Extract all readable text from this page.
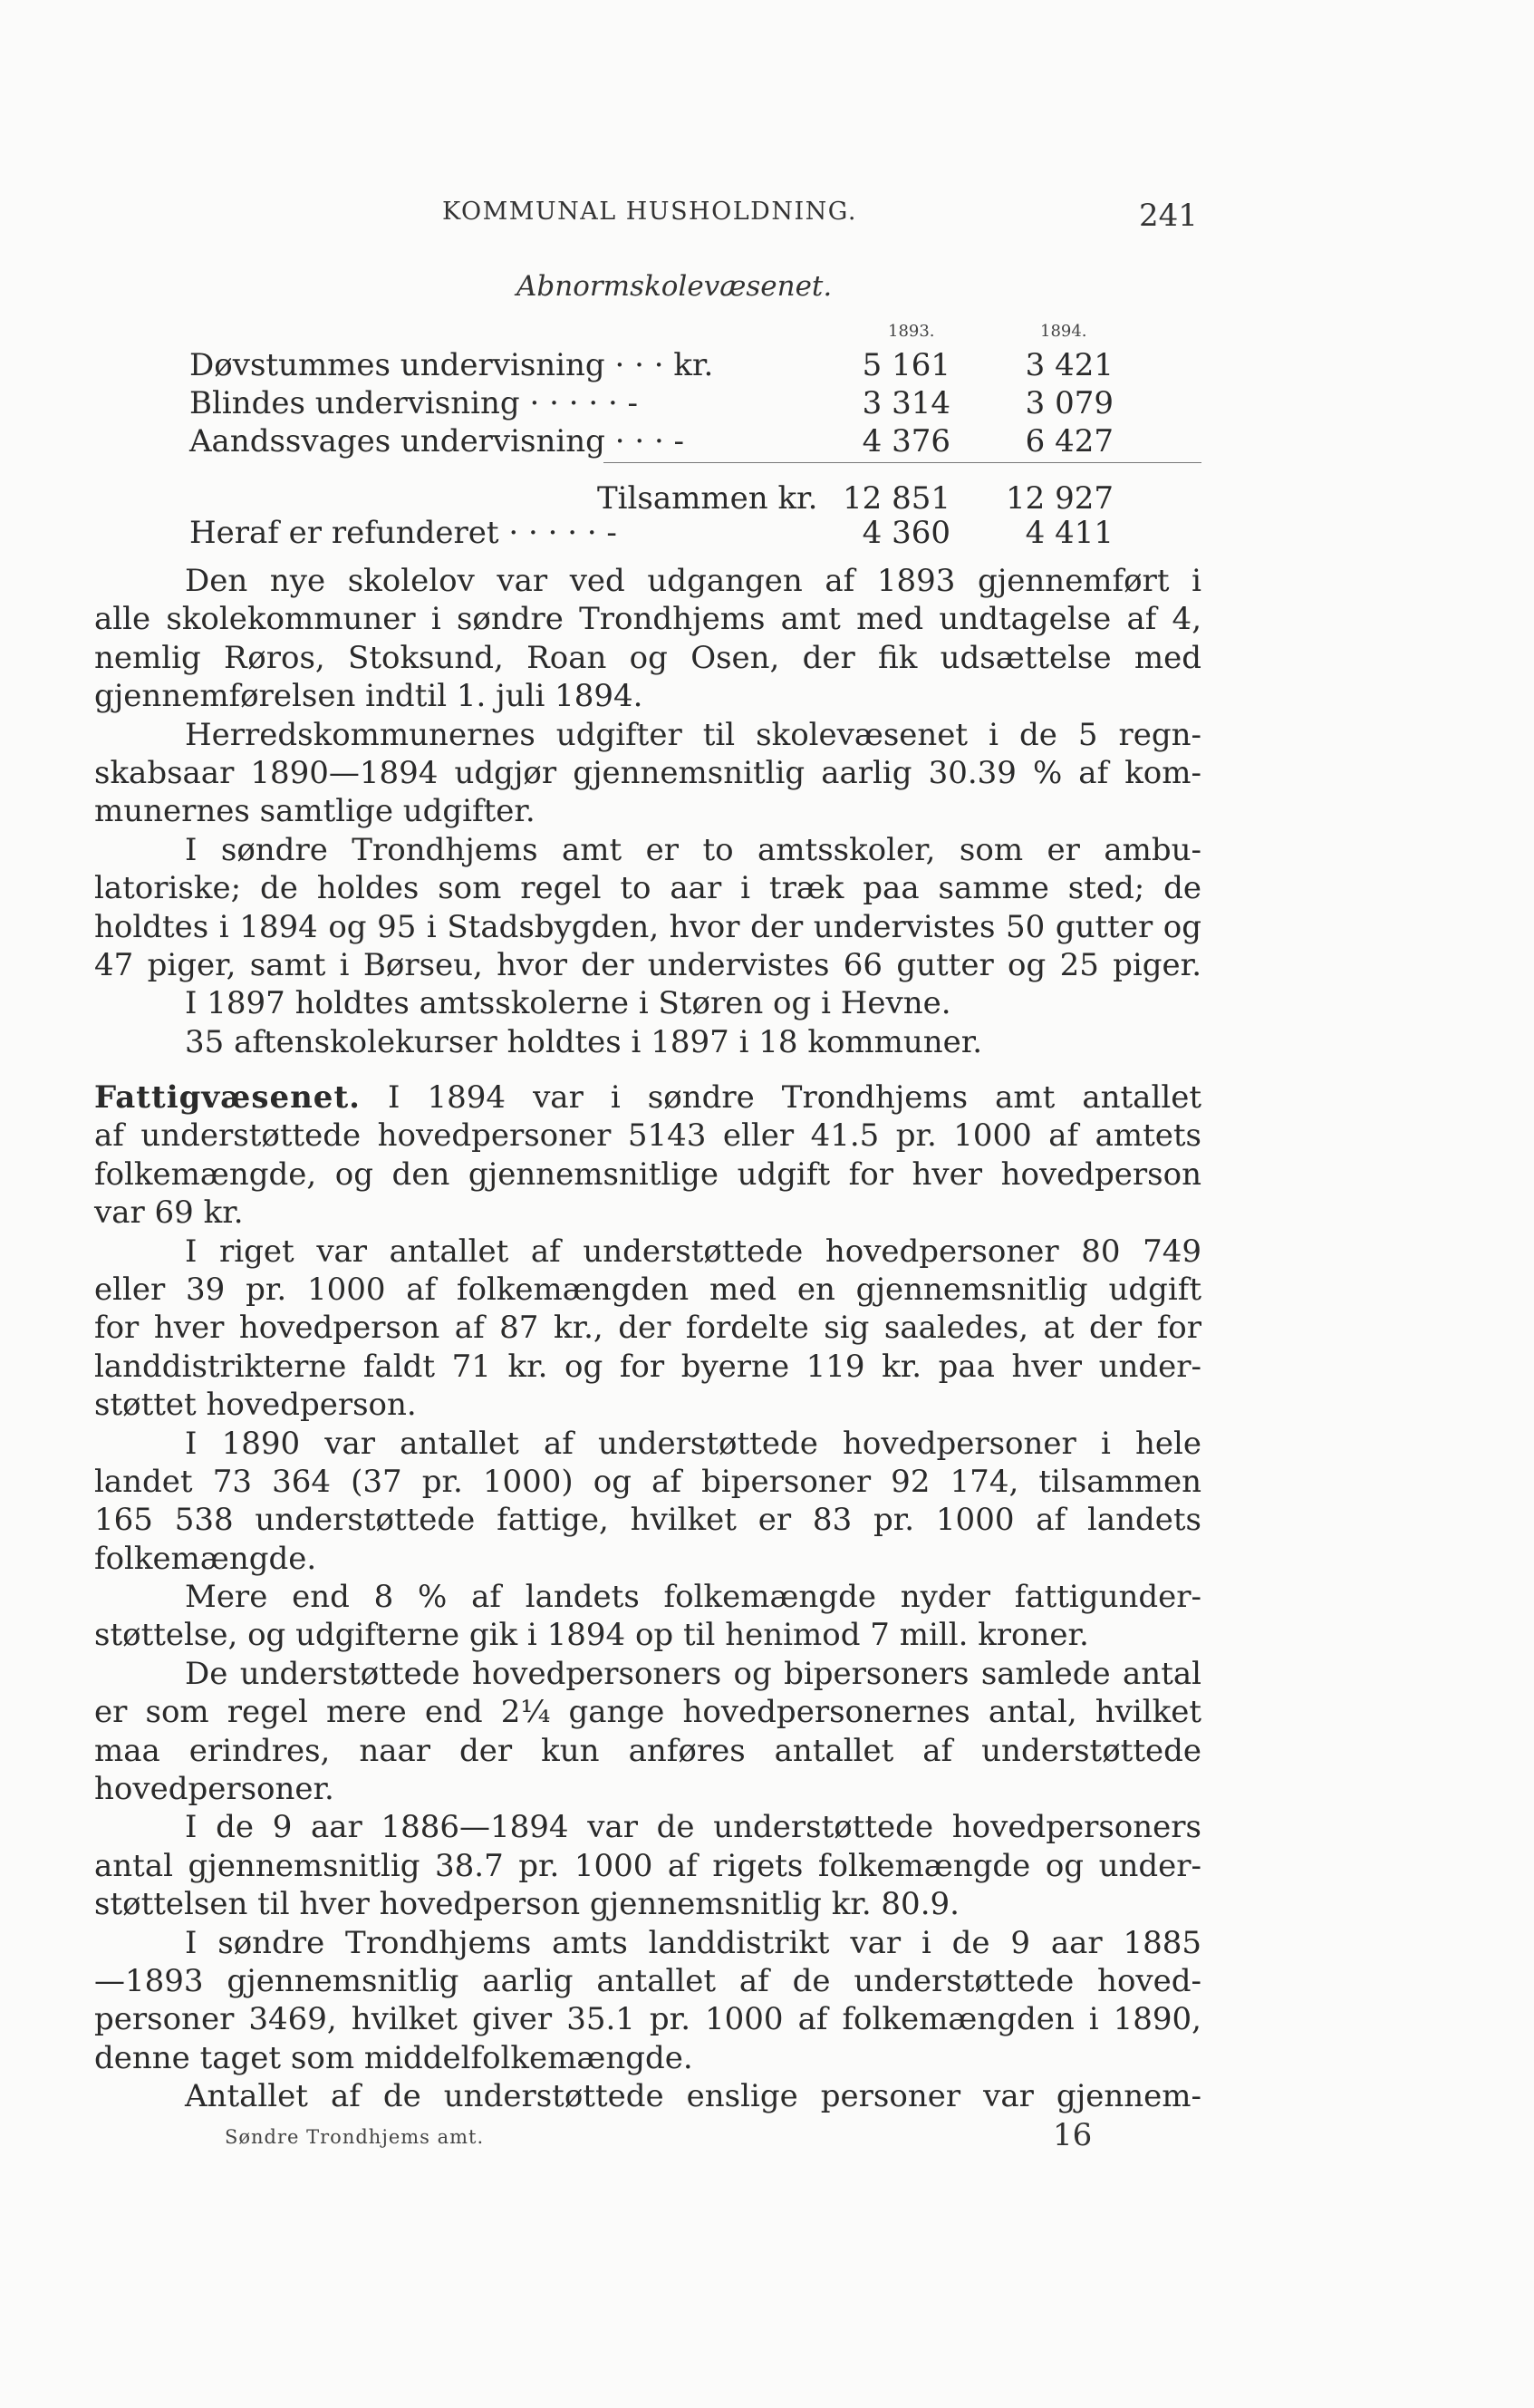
KOMMUNAL HUSHOLDNING.	241
Abnormskolevæsenet.
1893.	1894.
Døvstummes undervisning · · · kr.	5 161	3 421
Blindes undervisning · · · · · -	3 314	3 079
Aandssvages undervisning · · · -	4 376	6 427
Tilsammen kr. 12 851	12 927
Heraf er refunderet · · · · · -	4 360	4 411
Den nye skolelov var ved udgangen af 1893 gjennemført i
alle skolekommuner i søndre Trondhjems amt med undtagelse af 4,
nemlig Røros, Stoksund, Roan og Osen, der fik udsættelse med
gjennemførelsen indtil 1. juli 1894.
Herredskommunernes udgifter til skolevæsenet i de 5 regn-
skabsaar 1890—1894 udgjør gjennemsnitlig aarlig 30.39 % af kom-
munernes samtlige udgifter.
I søndre Trondhjems amt er to amtsskoler, som er ambu-
latoriske; de holdes som regel to aar i træk paa samme sted; de
holdtes i 1894 og 95 i Stadsbygden, hvor der undervistes 50 gutter og
47 piger, samt i Børseu, hvor der undervistes 66 gutter og 25 piger.
I 1897 holdtes amtsskolerne i Støren og i Hevne.
35 aftenskolekurser holdtes i 1897 i 18 kommuner.
Fattigvæsenet. I 1894 var i søndre Trondhjems amt antallet
af understøttede hovedpersoner 5143 eller 41.5 pr. 1000 af amtets
folkemængde, og den gjennemsnitlige udgift for hver hovedperson
var 69 kr.
I riget var antallet af understøttede hovedpersoner 80 749
eller 39 pr. 1000 af folkemængden med en gjennemsnitlig udgift
for hver hovedperson af 87 kr., der fordelte sig saaledes, at der for
landdistrikterne faldt 71 kr. og for byerne 119 kr. paa hver under-
støttet hovedperson.
I 1890 var antallet af understøttede hovedpersoner i hele
landet 73 364 (37 pr. 1000) og af bipersoner 92 174, tilsammen
165 538 understøttede fattige, hvilket er 83 pr. 1000 af landets
folkemængde.
Mere end 8 % af landets folkemængde nyder fattigunder-
støttelse, og udgifterne gik i 1894 op til henimod 7 mill. kroner.
De understøttede hovedpersoners og bipersoners samlede antal
er som regel mere end 2¼ gange hovedpersonernes antal, hvilket
maa erindres, naar der kun anføres antallet af understøttede
hovedpersoner.
I de 9 aar 1886—1894 var de understøttede hovedpersoners
antal gjennemsnitlig 38.7 pr. 1000 af rigets folkemængde og under-
støttelsen til hver hovedperson gjennemsnitlig kr. 80.9.
I søndre Trondhjems amts landdistrikt var i de 9 aar 1885
—1893 gjennemsnitlig aarlig antallet af de understøttede hoved-
personer 3469, hvilket giver 35.1 pr. 1000 af folkemængden i 1890,
denne taget som middelfolkemængde.
Antallet af de understøttede enslige personer var gjennem-
Søndre Trondhjems amt.	16
